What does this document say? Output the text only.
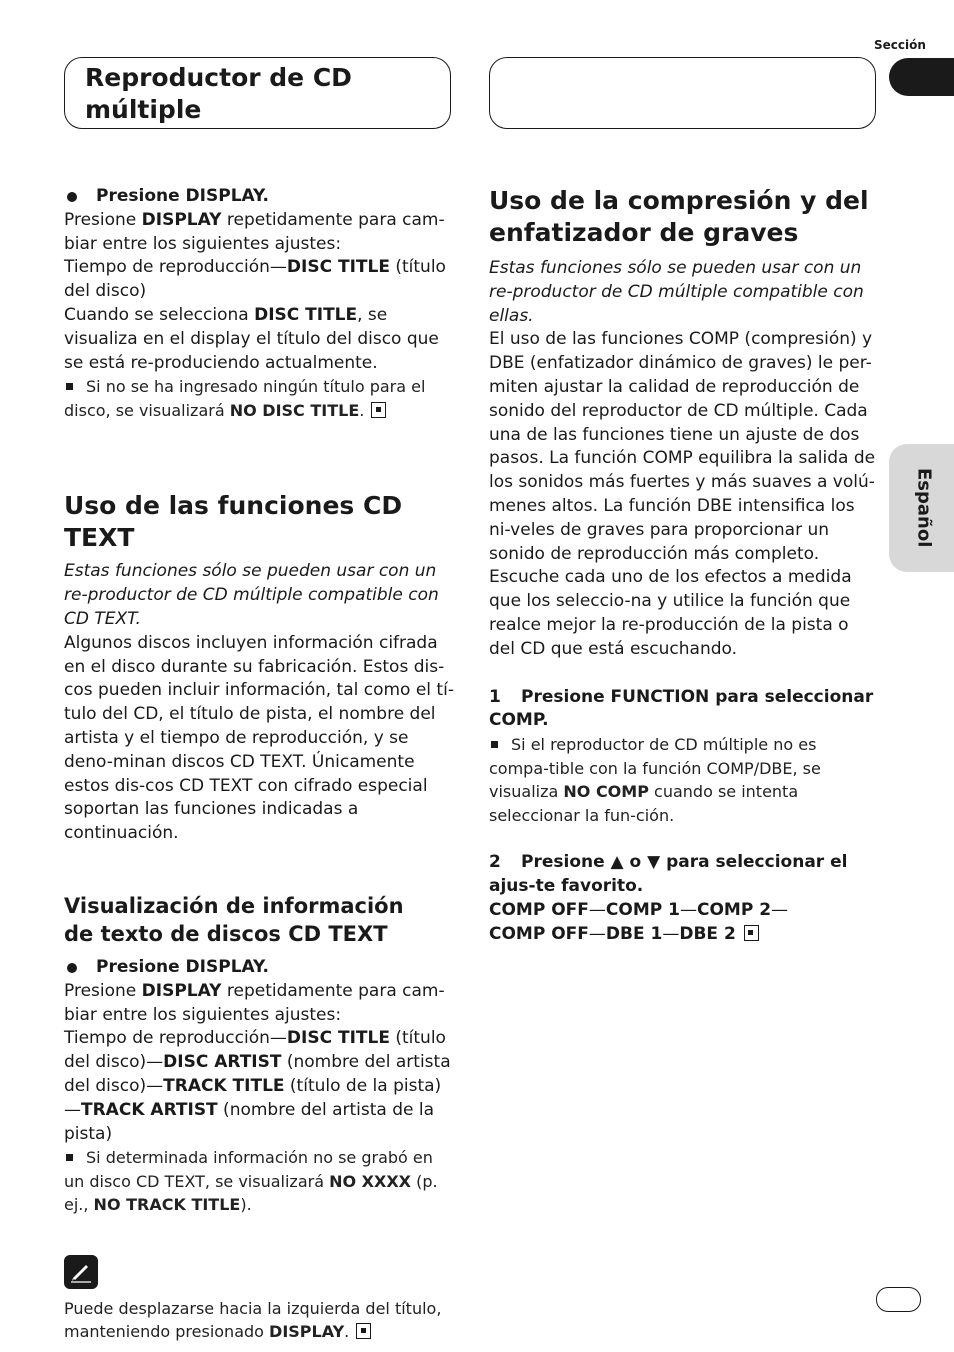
Sección
Reproductor de CD múltiple
Español
Presione DISPLAY.
Presione DISPLAY repetidamente para cam-biar entre los siguientes ajustes:
Tiempo de reproducción—DISC TITLE (título del disco)
Cuando se selecciona DISC TITLE, se visualiza en el display el título del disco que se está re-produciendo actualmente.
Si no se ha ingresado ningún título para el disco, se visualizará NO DISC TITLE.
Uso de las funciones CD TEXT
Estas funciones sólo se pueden usar con un re-productor de CD múltiple compatible con CD TEXT.
Algunos discos incluyen información cifrada en el disco durante su fabricación. Estos dis-cos pueden incluir información, tal como el tí-tulo del CD, el título de pista, el nombre del artista y el tiempo de reproducción, y se deno-minan discos CD TEXT. Únicamente estos dis-cos CD TEXT con cifrado especial soportan las funciones indicadas a continuación.
Visualización de información de texto de discos CD TEXT
Presione DISPLAY.
Presione DISPLAY repetidamente para cam-biar entre los siguientes ajustes:
Tiempo de reproducción—DISC TITLE (título del disco)—DISC ARTIST (nombre del artista del disco)—TRACK TITLE (título de la pista)—TRACK ARTIST (nombre del artista de la pista)
Si determinada información no se grabó en un disco CD TEXT, se visualizará NO XXXX (p. ej., NO TRACK TITLE).
Puede desplazarse hacia la izquierda del título, manteniendo presionado DISPLAY.
Uso de la compresión y del enfatizador de graves
Estas funciones sólo se pueden usar con un re-productor de CD múltiple compatible con ellas.
El uso de las funciones COMP (compresión) y DBE (enfatizador dinámico de graves) le per-miten ajustar la calidad de reproducción de sonido del reproductor de CD múltiple. Cada una de las funciones tiene un ajuste de dos pasos. La función COMP equilibra la salida de los sonidos más fuertes y más suaves a volú-menes altos. La función DBE intensifica los ni-veles de graves para proporcionar un sonido de reproducción más completo. Escuche cada uno de los efectos a medida que los seleccio-na y utilice la función que realce mejor la re-producción de la pista o del CD que está escuchando.
1 Presione FUNCTION para seleccionar COMP.
Si el reproductor de CD múltiple no es compa-tible con la función COMP/DBE, se visualiza NO COMP cuando se intenta seleccionar la fun-ción.
2 Presione ▲ o ▼ para seleccionar el ajus-te favorito.
COMP OFF—COMP 1—COMP 2—
COMP OFF—DBE 1—DBE 2
